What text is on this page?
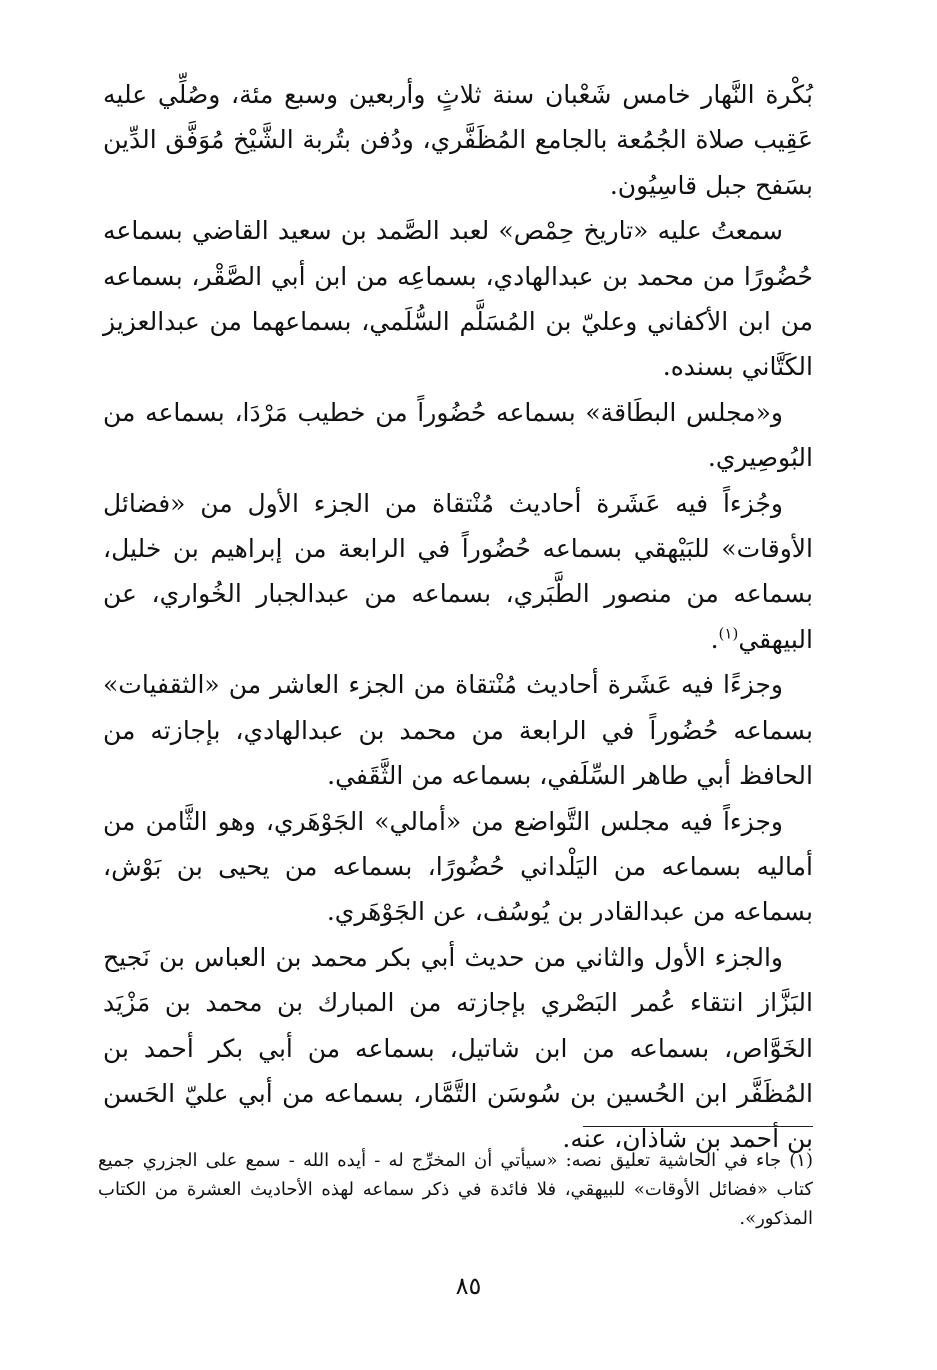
بُكْرة النَّهار خامس شَعْبان سنة ثلاثٍ وأربعين وسبع مئة، وصُلِّي عليه عَقِيب صلاة الجُمُعة بالجامع المُظَفَّري، ودُفن بتُربة الشَّيْخ مُوَفَّق الدِّين بسَفح جبل قاسِيُون.

سمعتُ عليه «تاريخ حِمْص» لعبد الصَّمد بن سعيد القاضي بسماعه حُضُورًا من محمد بن عبدالهادي، بسماعِه من ابن أبي الصَّقْر، بسماعه من ابن الأكفاني وعليّ بن المُسَلَّم السُّلَمي، بسماعهما من عبدالعزيز الكَتَّاني بسنده.

و«مجلس البطَاقة» بسماعه حُضُوراً من خطيب مَرْدَا، بسماعه من البُوصِيري.

وجُزءاً فيه عَشَرة أحاديث مُنْتقاة من الجزء الأول من «فضائل الأوقات» للبَيْهقي بسماعه حُضُوراً في الرابعة من إبراهيم بن خليل، بسماعه من منصور الطَّبَري، بسماعه من عبدالجبار الخُواري، عن البيهقي$^{(١)}$.

وجزءًا فيه عَشَرة أحاديث مُنْتقاة من الجزء العاشر من «الثقفيات» بسماعه حُضُوراً في الرابعة من محمد بن عبدالهادي، بإجازته من الحافظ أبي طاهر السِّلَفي، بسماعه من الثَّقَفي.

وجزءاً فيه مجلس التَّواضع من «أمالي» الجَوْهَري، وهو الثَّامن من أماليه بسماعه من اليَلْداني حُضُورًا، بسماعه من يحيى بن بَوْش، بسماعه من عبدالقادر بن يُوسُف، عن الجَوْهَري.

والجزء الأول والثاني من حديث أبي بكر محمد بن العباس بن نَجيح البَزَّاز انتقاء عُمر البَصْري بإجازته من المبارك بن محمد بن مَزْيَد الخَوَّاص، بسماعه من ابن شاتيل، بسماعه من أبي بكر أحمد بن المُظَفَّر ابن الحُسين بن سُوسَن التَّمَّار، بسماعه من أبي عليّ الحَسن بن أحمد بن شاذان، عنه.

(١) جاء في الحاشية تعليق نصه: «سيأتي أن المخرِّج له - أيده الله - سمع على الجزري جميع كتاب «فضائل الأوقات» للبيهقي، فلا فائدة في ذكر سماعه لهذه الأحاديث العشرة من الكتاب المذكور».

٨٥
